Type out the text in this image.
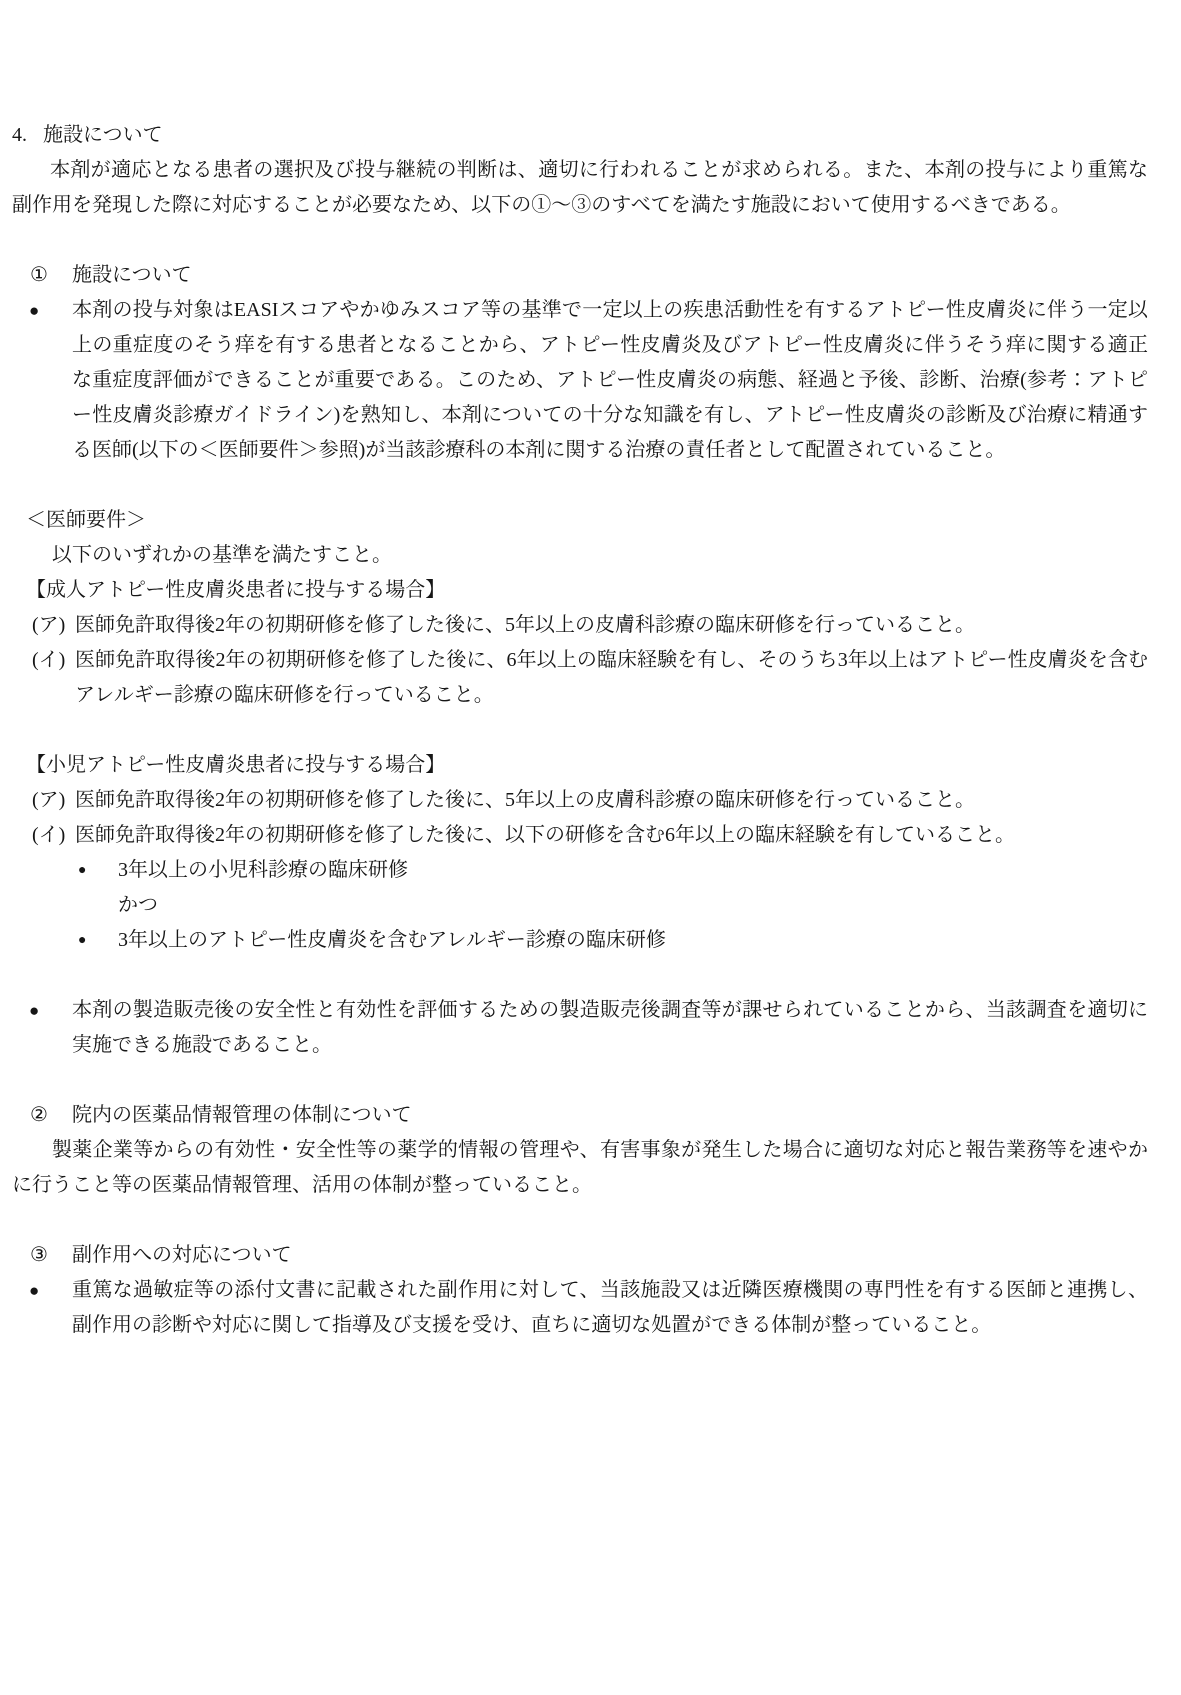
4. 施設について

本剤が適応となる患者の選択及び投与継続の判断は、適切に行われることが求められる。また、本剤の投与により重篤な副作用を発現した際に対応することが必要なため、以下の①～③のすべてを満たす施設において使用するべきである。

① 施設について
● 本剤の投与対象はEASIスコアやかゆみスコア等の基準で一定以上の疾患活動性を有するアトピー性皮膚炎に伴う一定以上の重症度のそう痒を有する患者となることから、アトピー性皮膚炎及びアトピー性皮膚炎に伴うそう痒に関する適正な重症度評価ができることが重要である。このため、アトピー性皮膚炎の病態、経過と予後、診断、治療(参考：アトピー性皮膚炎診療ガイドライン)を熟知し、本剤についての十分な知識を有し、アトピー性皮膚炎の診断及び治療に精通する医師(以下の＜医師要件＞参照)が当該診療科の本剤に関する治療の責任者として配置されていること。
＜医師要件＞
以下のいずれかの基準を満たすこと。
【成人アトピー性皮膚炎患者に投与する場合】
(ア) 医師免許取得後2年の初期研修を修了した後に、5年以上の皮膚科診療の臨床研修を行っていること。
(イ) 医師免許取得後2年の初期研修を修了した後に、6年以上の臨床経験を有し、そのうち3年以上はアトピー性皮膚炎を含むアレルギー診療の臨床研修を行っていること。
【小児アトピー性皮膚炎患者に投与する場合】
(ア) 医師免許取得後2年の初期研修を修了した後に、5年以上の皮膚科診療の臨床研修を行っていること。
(イ) 医師免許取得後2年の初期研修を修了した後に、以下の研修を含む6年以上の臨床経験を有していること。
● 3年以上の小児科診療の臨床研修
かつ
● 3年以上のアトピー性皮膚炎を含むアレルギー診療の臨床研修
● 本剤の製造販売後の安全性と有効性を評価するための製造販売後調査等が課せられていることから、当該調査を適切に実施できる施設であること。
② 院内の医薬品情報管理の体制について

製薬企業等からの有効性・安全性等の薬学的情報の管理や、有害事象が発生した場合に適切な対応と報告業務等を速やかに行うこと等の医薬品情報管理、活用の体制が整っていること。

③ 副作用への対応について
● 重篤な過敏症等の添付文書に記載された副作用に対して、当該施設又は近隣医療機関の専門性を有する医師と連携し、副作用の診断や対応に関して指導及び支援を受け、直ちに適切な処置ができる体制が整っていること。
